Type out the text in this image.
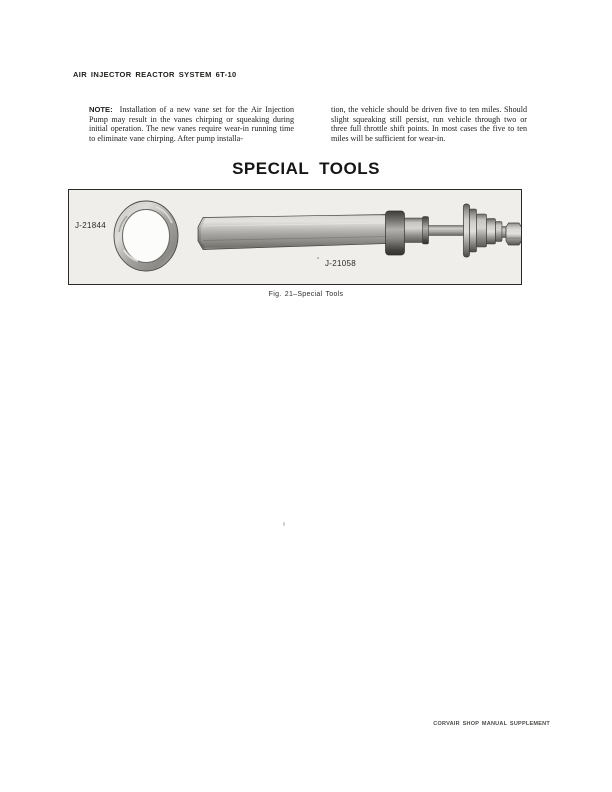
AIR INJECTOR REACTOR SYSTEM 6T-10

NOTE: Installation of a new vane set for the Air Injection Pump may result in the vanes chirping or squeaking during initial operation. The new vanes require wear-in running time to eliminate vane chirping. After pump installa-

tion, the vehicle should be driven five to ten miles. Should slight squeaking still persist, run vehicle through two or three full throttle shift points. In most cases the five to ten miles will be sufficient for wear-in.

SPECIAL TOOLS
J-21844
J-21058
Fig. 21–Special Tools
CORVAIR SHOP MANUAL SUPPLEMENT
